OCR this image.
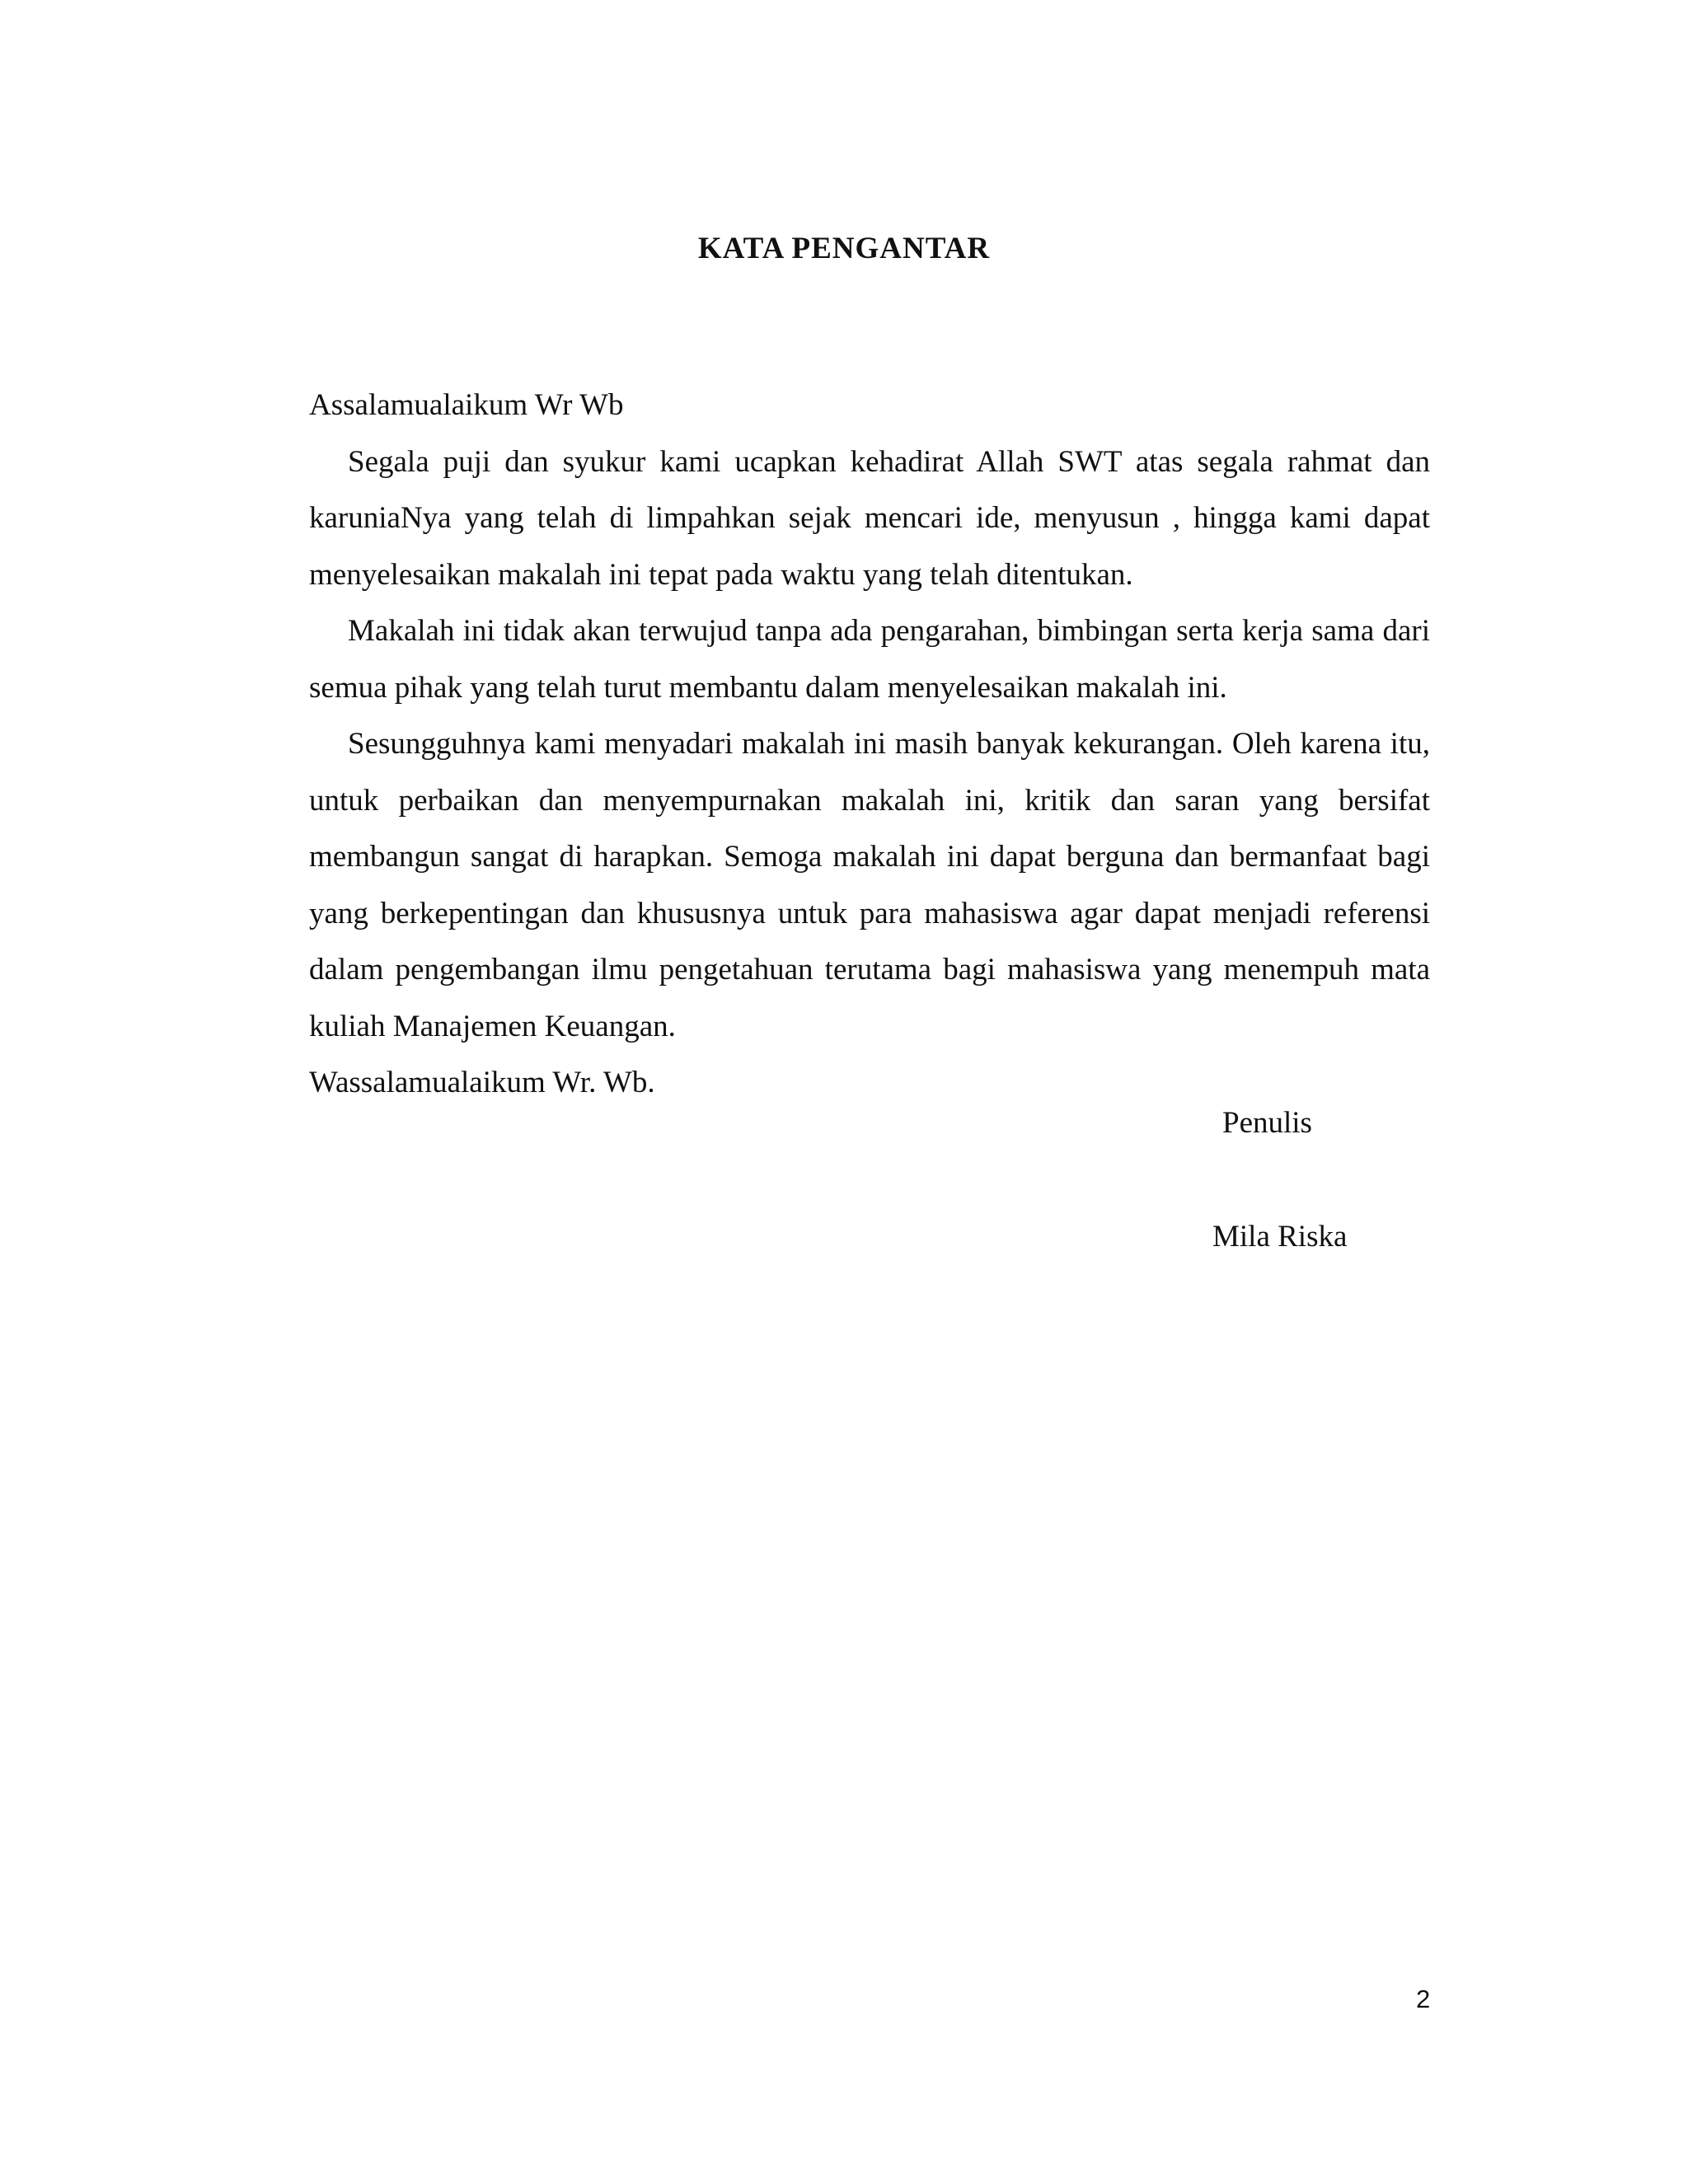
KATA PENGANTAR

Assalamualaikum Wr Wb

Segala puji dan syukur kami ucapkan kehadirat Allah SWT atas segala rahmat dan karuniaNya yang telah di limpahkan sejak mencari ide, menyusun , hingga kami dapat menyelesaikan makalah ini tepat pada waktu yang telah ditentukan.

Makalah ini tidak akan terwujud tanpa ada pengarahan, bimbingan serta kerja sama dari semua pihak yang telah turut membantu dalam menyelesaikan makalah ini.

Sesungguhnya kami menyadari makalah ini masih banyak kekurangan. Oleh karena itu, untuk perbaikan dan menyempurnakan makalah ini, kritik dan saran yang bersifat membangun sangat di harapkan. Semoga makalah ini dapat berguna dan bermanfaat bagi yang berkepentingan dan khususnya untuk para mahasiswa agar dapat menjadi referensi dalam pengembangan ilmu pengetahuan terutama bagi mahasiswa yang menempuh mata kuliah Manajemen Keuangan.

Wassalamualaikum Wr. Wb.

Penulis

Mila Riska

2
